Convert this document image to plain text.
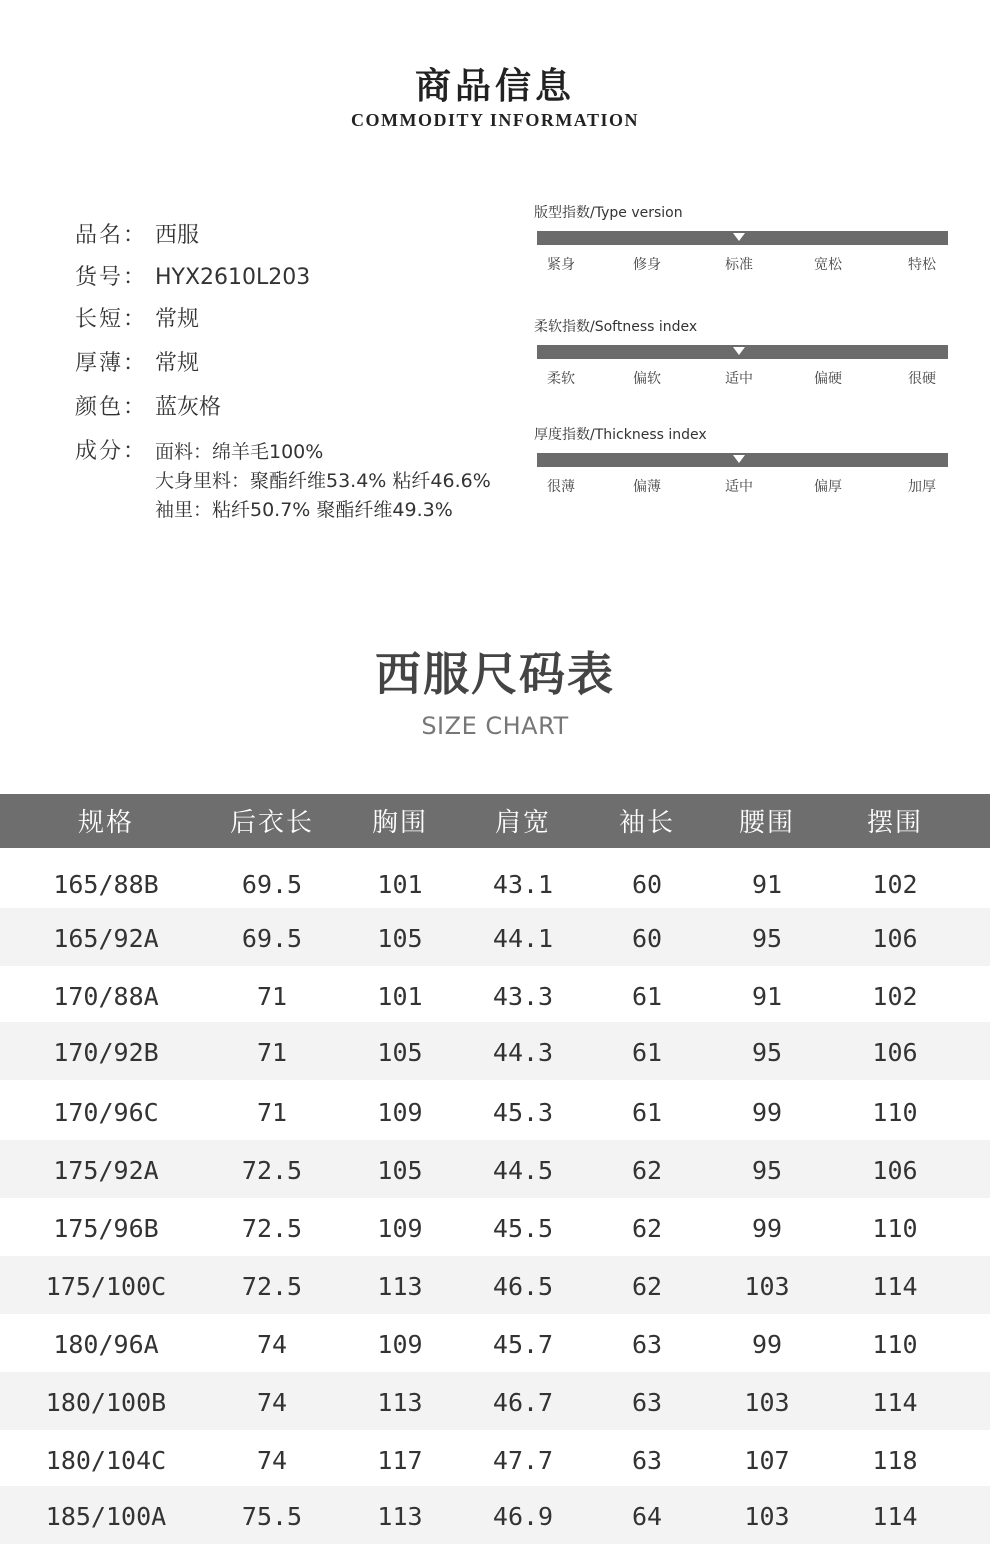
商品信息
COMMODITY INFORMATION
品名： 西服
货号： HYX2610L203
长短： 常规
厚薄： 常规
颜色： 蓝灰格
成分： 面料：绵羊毛100%
大身里料：聚酯纤维53.4% 粘纤46.6%
袖里：粘纤50.7% 聚酯纤维49.3%
版型指数/Type version
紧身	修身	标准	宽松	特松
柔软指数/Softness index
柔软	偏软	适中	偏硬	很硬
厚度指数/Thickness index
很薄	偏薄	适中	偏厚	加厚
西服尺码表
SIZE CHART
规格	后衣长	胸围	肩宽	袖长	腰围	摆围
165/88B	69.5	101	43.1	60	91	102
165/92A	69.5	105	44.1	60	95	106
170/88A	71	101	43.3	61	91	102
170/92B	71	105	44.3	61	95	106
170/96C	71	109	45.3	61	99	110
175/92A	72.5	105	44.5	62	95	106
175/96B	72.5	109	45.5	62	99	110
175/100C	72.5	113	46.5	62	103	114
180/96A	74	109	45.7	63	99	110
180/100B	74	113	46.7	63	103	114
180/104C	74	117	47.7	63	107	118
185/100A	75.5	113	46.9	64	103	114
